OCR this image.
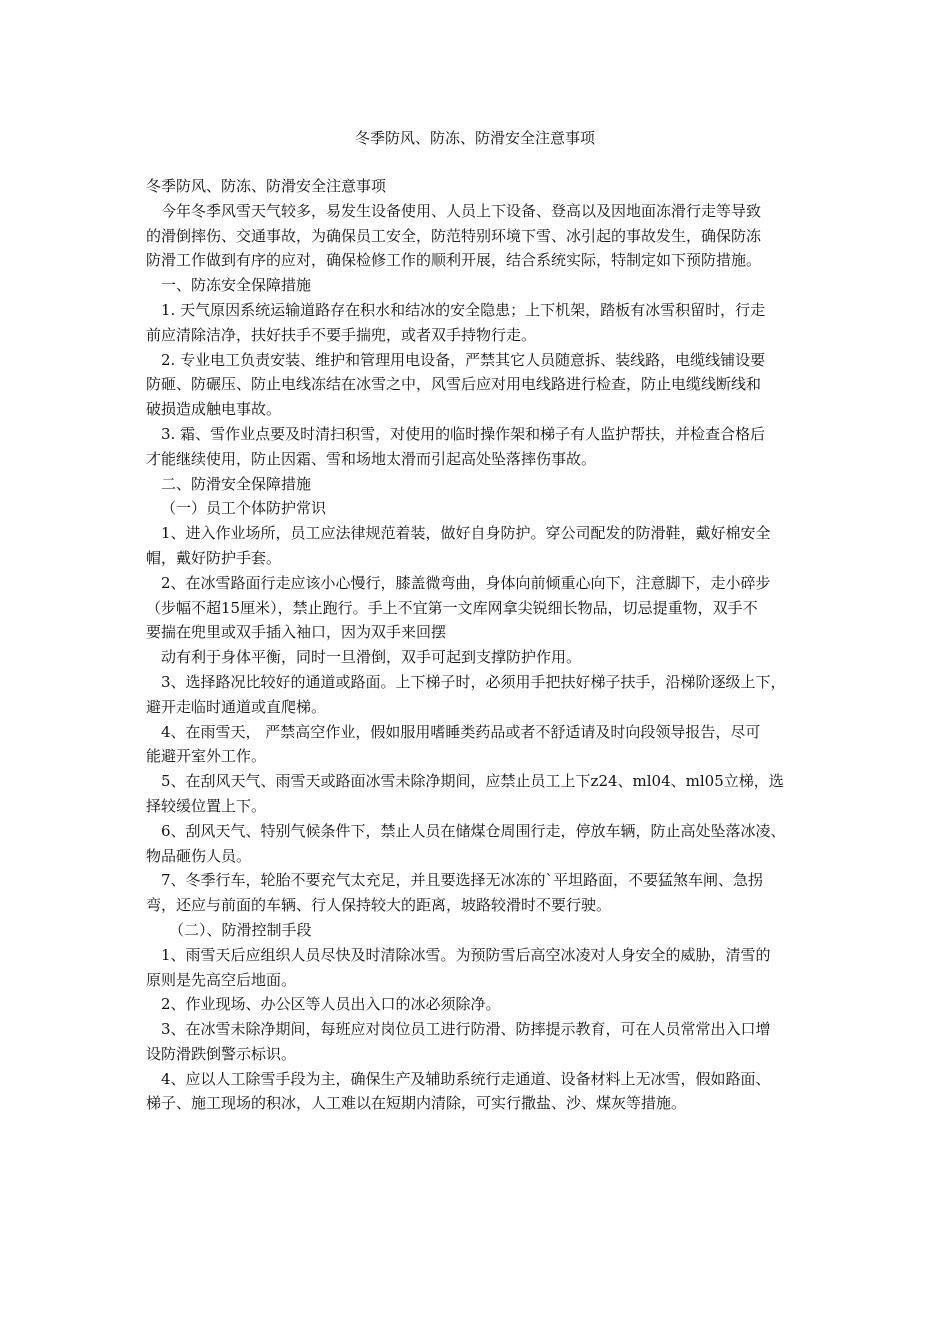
冬季防风、防冻、防滑安全注意事项
冬季防风、防冻、防滑安全注意事项
今年冬季风雪天气较多，易发生设备使用、人员上下设备、登高以及因地面冻滑行走等导致
的滑倒摔伤、交通事故，为确保员工安全，防范特别环境下雪、冰引起的事故发生，确保防冻
防滑工作做到有序的应对，确保检修工作的顺利开展，结合系统实际，特制定如下预防措施。
一、防冻安全保障措施
1. 天气原因系统运输道路存在积水和结冰的安全隐患；上下机架，踏板有冰雪积留时，行走
前应清除洁净，扶好扶手不要手揣兜，或者双手持物行走。
2. 专业电工负责安装、维护和管理用电设备，严禁其它人员随意拆、装线路，电缆线铺设要
防砸、防碾压、防止电线冻结在冰雪之中，风雪后应对用电线路进行检查，防止电缆线断线和
破损造成触电事故。
3. 霜、雪作业点要及时清扫积雪，对使用的临时操作架和梯子有人监护帮扶，并检查合格后
才能继续使用，防止因霜、雪和场地太滑而引起高处坠落摔伤事故。
二、防滑安全保障措施
（一）员工个体防护常识
1、进入作业场所，员工应法律规范着装，做好自身防护。穿公司配发的防滑鞋，戴好棉安全
帽，戴好防护手套。
2、在冰雪路面行走应该小心慢行，膝盖微弯曲，身体向前倾重心向下，注意脚下，走小碎步
（步幅不超15厘米），禁止跑行。手上不宜第一文库网拿尖锐细长物品，切忌提重物，双手不
要揣在兜里或双手插入袖口，因为双手来回摆
动有利于身体平衡，同时一旦滑倒，双手可起到支撑防护作用。
3、选择路况比较好的通道或路面。上下梯子时，必须用手把扶好梯子扶手，沿梯阶逐级上下，
避开走临时通道或直爬梯。
4、在雨雪天， 严禁高空作业，假如服用嗜睡类药品或者不舒适请及时向段领导报告，尽可
能避开室外工作。
5、在刮风天气、雨雪天或路面冰雪未除净期间，应禁止员工上下z24、ml04、ml05立梯，选
择较缓位置上下。
6、刮风天气、特别气候条件下，禁止人员在储煤仓周围行走，停放车辆，防止高处坠落冰凌、
物品砸伤人员。
7、冬季行车，轮胎不要充气太充足，并且要选择无冰冻的`平坦路面，不要猛煞车闸、急拐
弯，还应与前面的车辆、行人保持较大的距离，坡路较滑时不要行驶。
（二）、防滑控制手段
1、雨雪天后应组织人员尽快及时清除冰雪。为预防雪后高空冰凌对人身安全的威胁，清雪的
原则是先高空后地面。
2、作业现场、办公区等人员出入口的冰必须除净。
3、在冰雪未除净期间，每班应对岗位员工进行防滑、防摔提示教育，可在人员常常出入口增
设防滑跌倒警示标识。
4、应以人工除雪手段为主，确保生产及辅助系统行走通道、设备材料上无冰雪，假如路面、
梯子、施工现场的积冰，人工难以在短期内清除，可实行撒盐、沙、煤灰等措施。
